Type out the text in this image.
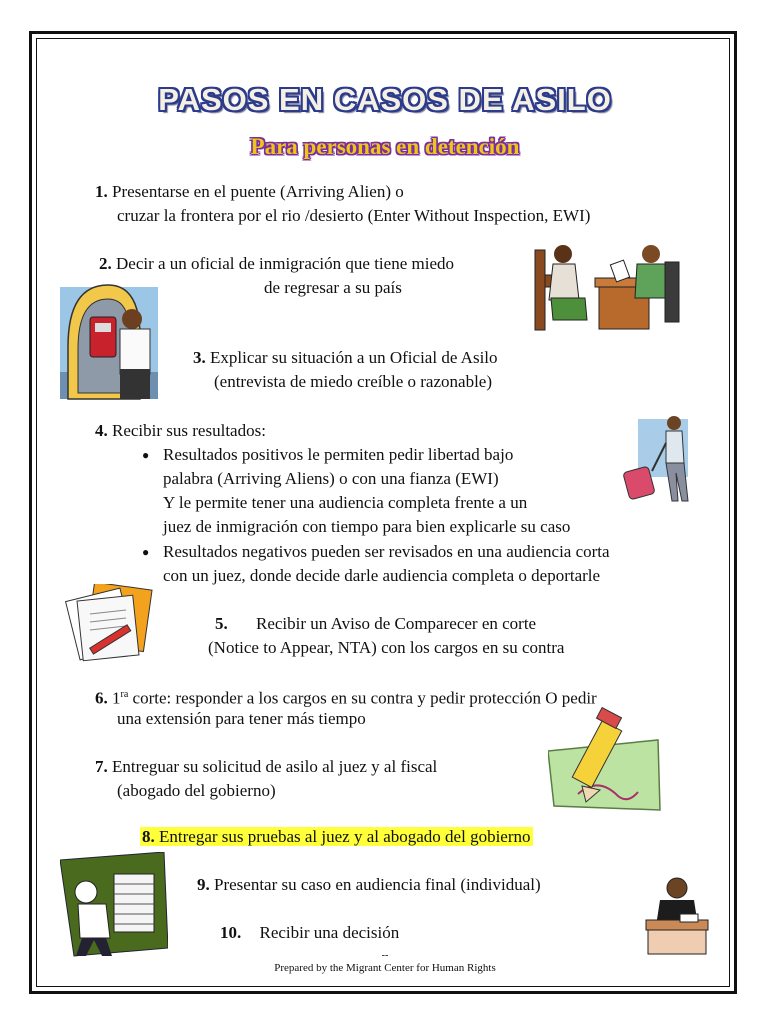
PASOS EN CASOS DE ASILO
Para personas en detención
1. Presentarse en el puente (Arriving Alien) o
cruzar la frontera por el rio /desierto (Enter Without Inspection, EWI)
2. Decir a un oficial de inmigración que tiene miedo
de regresar a su país
3. Explicar su situación a un Oficial de Asilo
(entrevista de miedo creíble o razonable)
4. Recibir sus resultados:
● Resultados positivos le permiten pedir libertad bajo
palabra (Arriving Aliens) o con una fianza (EWI)
Y le permite tener una audiencia completa frente a un
juez de inmigración con tiempo para bien explicarle su caso
● Resultados negativos pueden ser revisados en una audiencia corta
con un juez, donde decide darle audiencia completa o deportarle
5. Recibir un Aviso de Comparecer en corte
(Notice to Appear, NTA) con los cargos en su contra
6. $1^{ra}$ corte: responder a los cargos en su contra y pedir protección O pedir
una extensión para tener más tiempo
7. Entreguar su solicitud de asilo al juez y al fiscal
(abogado del gobierno)
8. Entregar sus pruebas al juez y al abogado del gobierno
9. Presentar su caso en audiencia final (individual)
10. Recibir una decisión
--
Prepared by the Migrant Center for Human Rights
